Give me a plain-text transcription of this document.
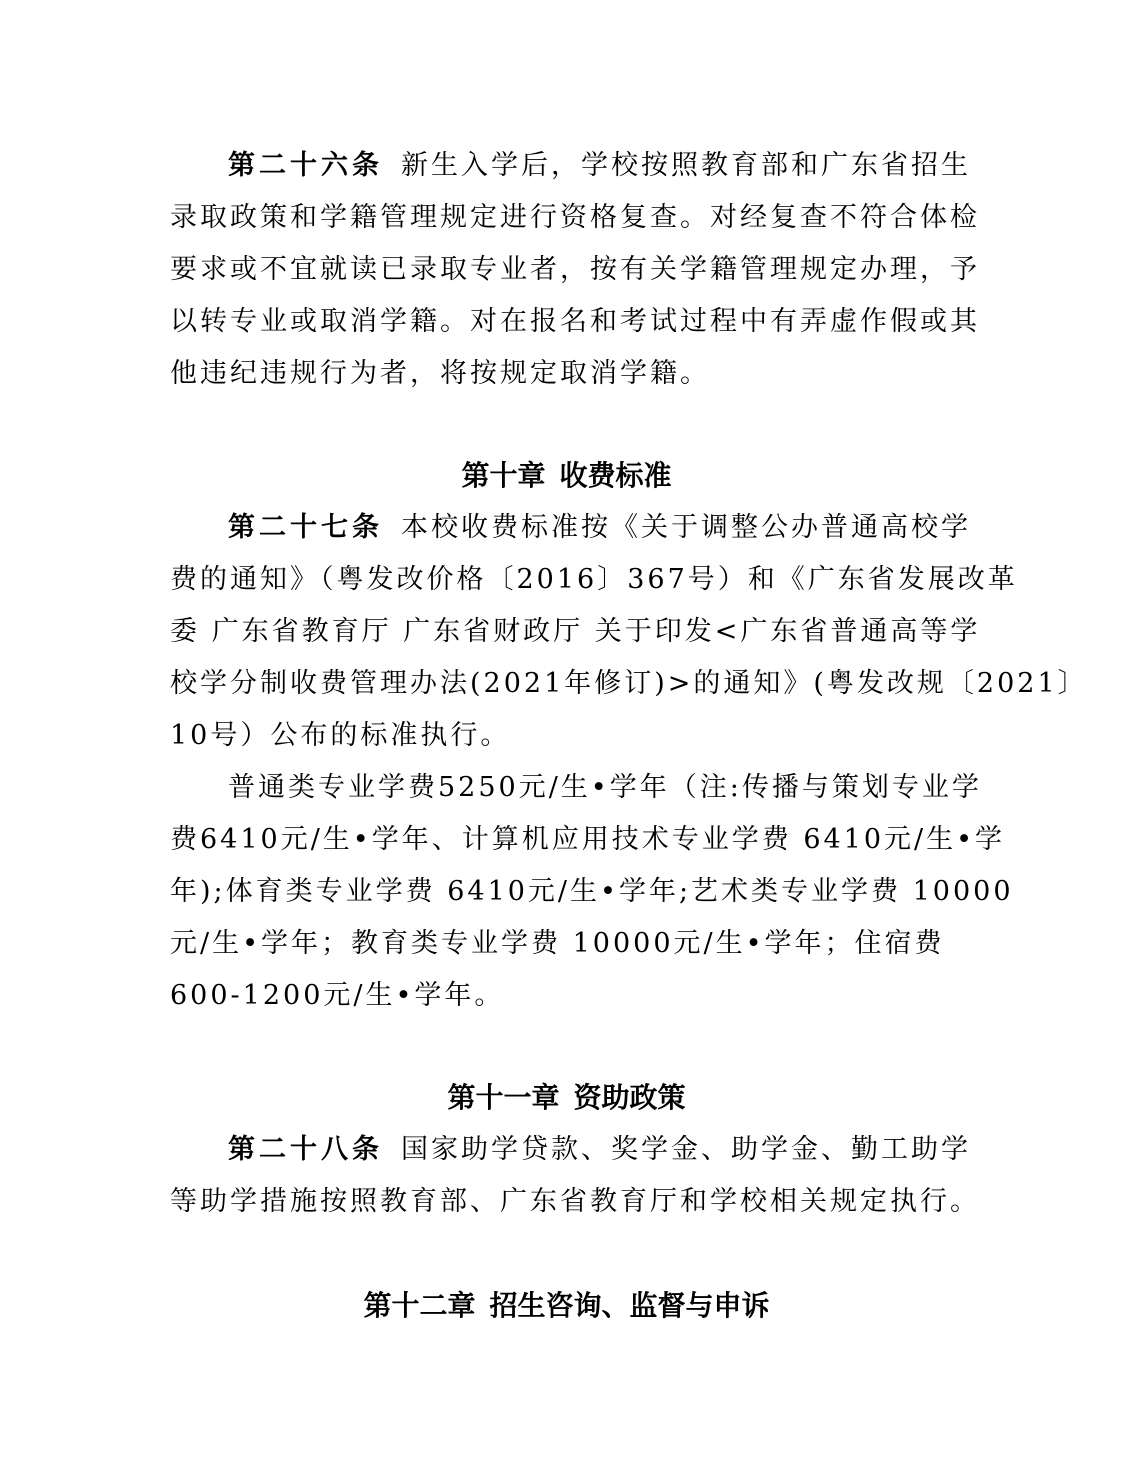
第二十六条 新生入学后，学校按照教育部和广东省招生
录取政策和学籍管理规定进行资格复查。对经复查不符合体检
要求或不宜就读已录取专业者，按有关学籍管理规定办理，予
以转专业或取消学籍。对在报名和考试过程中有弄虚作假或其
他违纪违规行为者，将按规定取消学籍。
第十章 收费标准
第二十七条 本校收费标准按《关于调整公办普通高校学
费的通知》（粤发改价格〔2016〕367号）和《广东省发展改革
委 广东省教育厅 广东省财政厅 关于印发<广东省普通高等学
校学分制收费管理办法(2021年修订)>的通知》(粤发改规〔2021〕
10号）公布的标准执行。
普通类专业学费5250元/生•学年（注:传播与策划专业学
费6410元/生•学年、计算机应用技术专业学费 6410元/生•学
年);体育类专业学费 6410元/生•学年;艺术类专业学费 10000
元/生•学年；教育类专业学费 10000元/生•学年；住宿费
600-1200元/生•学年。
第十一章 资助政策
第二十八条 国家助学贷款、奖学金、助学金、勤工助学
等助学措施按照教育部、广东省教育厅和学校相关规定执行。
第十二章 招生咨询、监督与申诉
